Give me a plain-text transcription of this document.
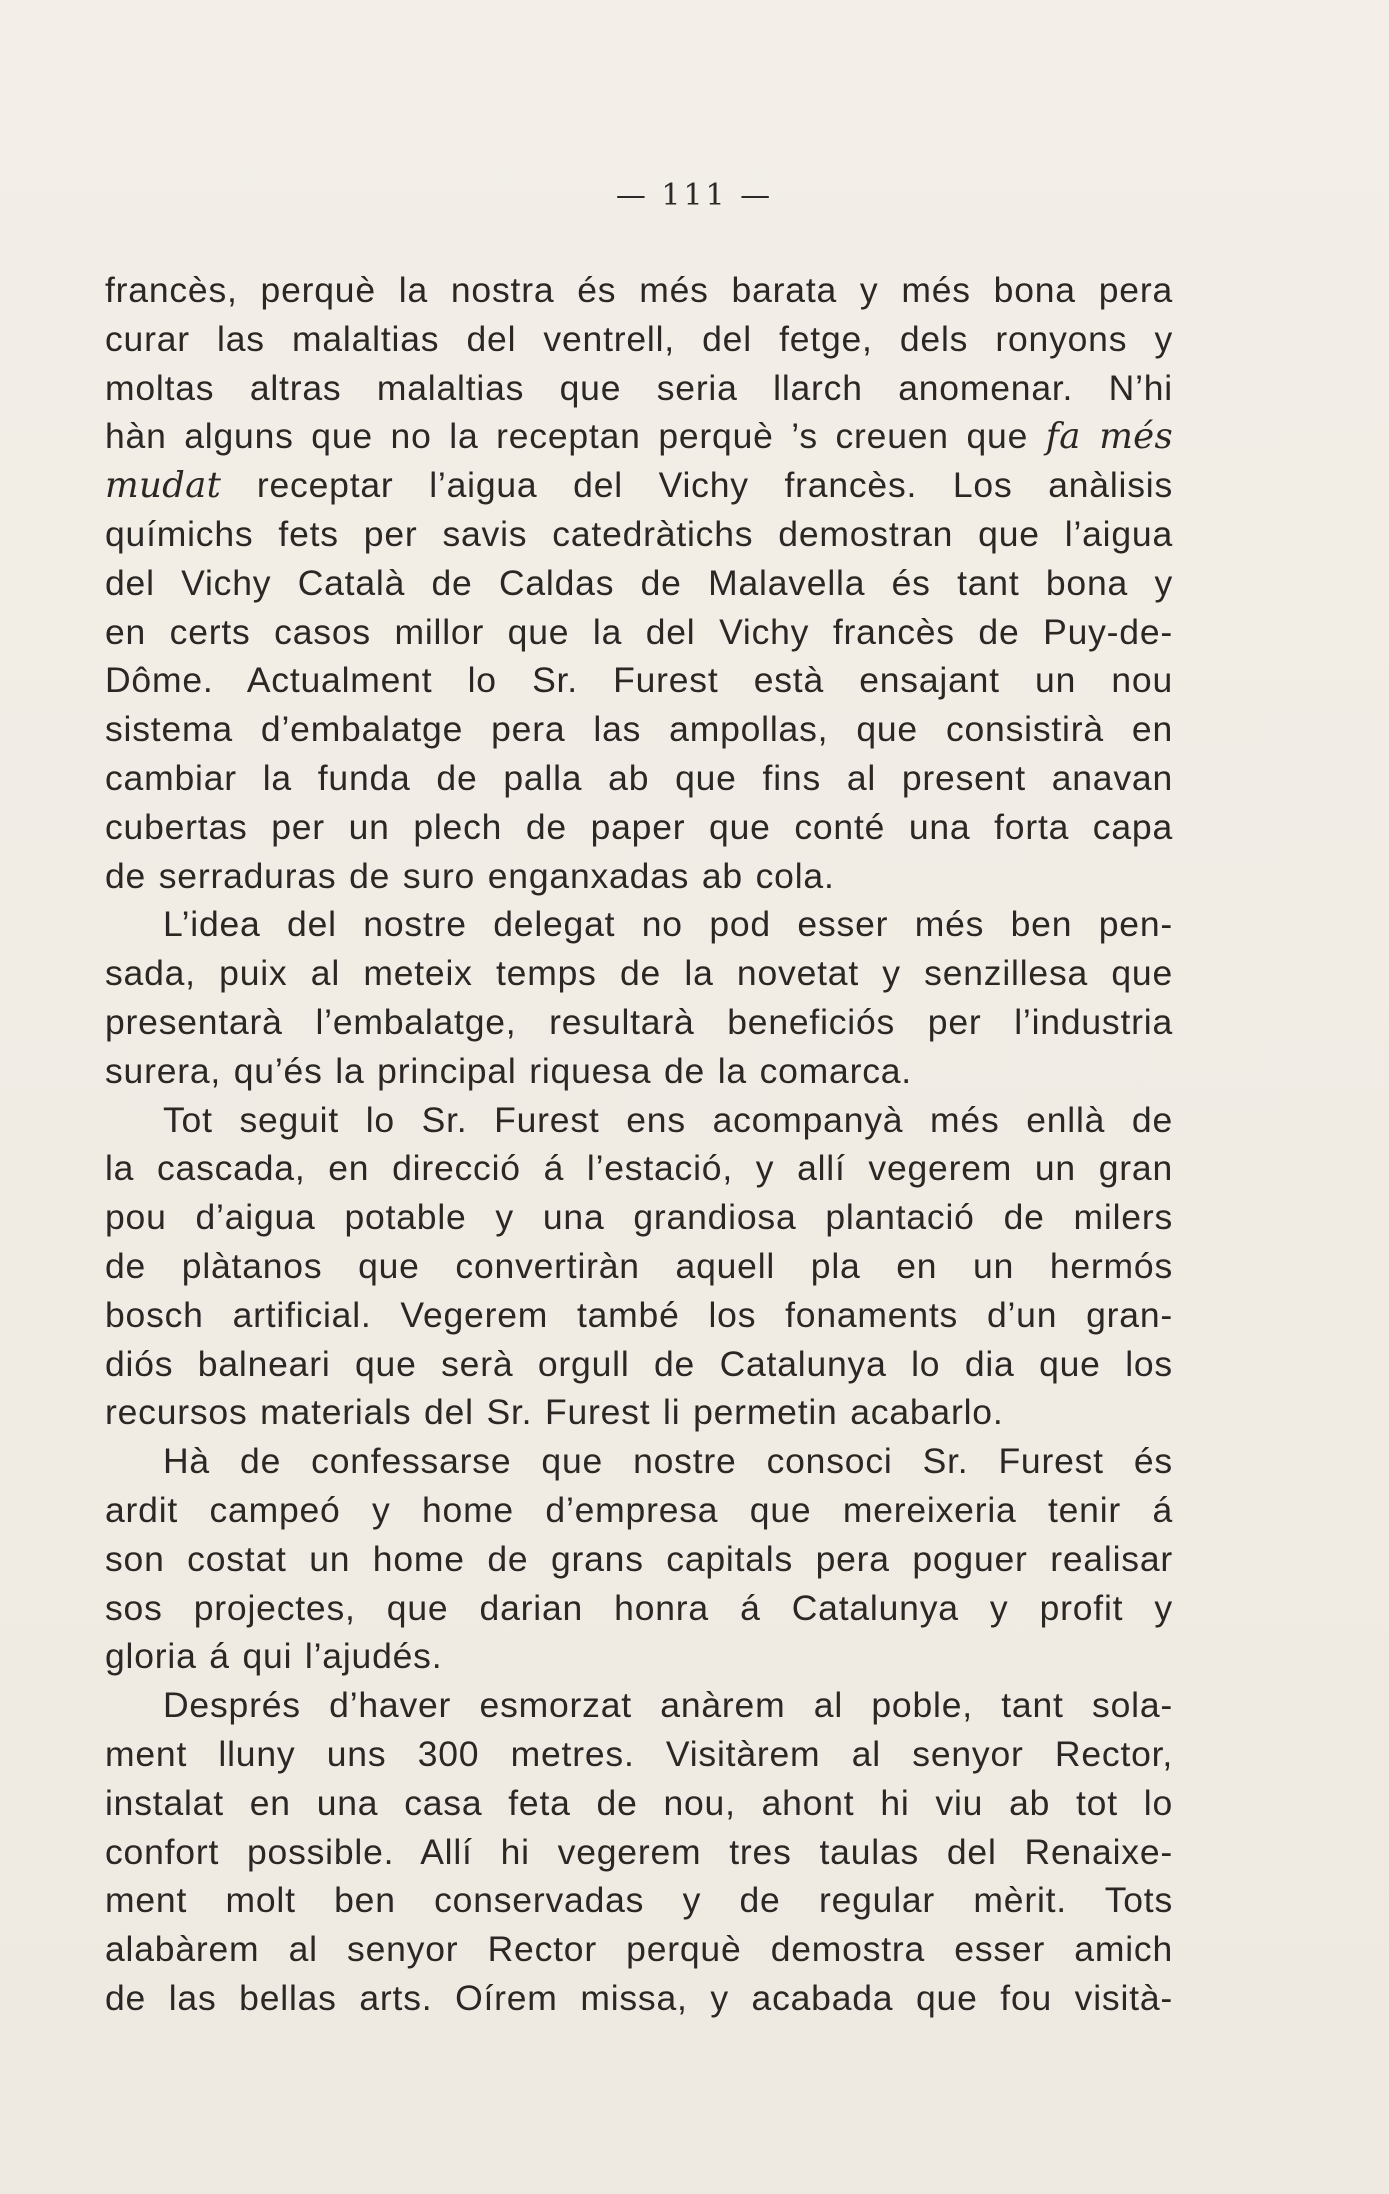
— 111 —
francès, perquè la nostra és més barata y més bona pera
curar las malaltias del ventrell, del fetge, dels ronyons y
moltas altras malaltias que seria llarch anomenar. N’hi
hàn alguns que no la receptan perquè ’s creuen que fa més
mudat receptar l’aigua del Vichy francès. Los anàlisis
químichs fets per savis catedràtichs demostran que l’aigua
del Vichy Català de Caldas de Malavella és tant bona y
en certs casos millor que la del Vichy francès de Puy-de-
Dôme. Actualment lo Sr. Furest està ensajant un nou
sistema d’embalatge pera las ampollas, que consistirà en
cambiar la funda de palla ab que fins al present anavan
cubertas per un plech de paper que conté una forta capa
de serraduras de suro enganxadas ab cola.
L’idea del nostre delegat no pod esser més ben pen-
sada, puix al meteix temps de la novetat y senzillesa que
presentarà l’embalatge, resultarà beneficiós per l’industria
surera, qu’és la principal riquesa de la comarca.
Tot seguit lo Sr. Furest ens acompanyà més enllà de
la cascada, en direcció á l’estació, y allí vegerem un gran
pou d’aigua potable y una grandiosa plantació de milers
de plàtanos que convertiràn aquell pla en un hermós
bosch artificial. Vegerem també los fonaments d’un gran-
diós balneari que serà orgull de Catalunya lo dia que los
recursos materials del Sr. Furest li permetin acabarlo.
Hà de confessarse que nostre consoci Sr. Furest és
ardit campeó y home d’empresa que mereixeria tenir á
son costat un home de grans capitals pera poguer realisar
sos projectes, que darian honra á Catalunya y profit y
gloria á qui l’ajudés.
Després d’haver esmorzat anàrem al poble, tant sola-
ment lluny uns 300 metres. Visitàrem al senyor Rector,
instalat en una casa feta de nou, ahont hi viu ab tot lo
confort possible. Allí hi vegerem tres taulas del Renaixe-
ment molt ben conservadas y de regular mèrit. Tots
alabàrem al senyor Rector perquè demostra esser amich
de las bellas arts. Oírem missa, y acabada que fou visità-
